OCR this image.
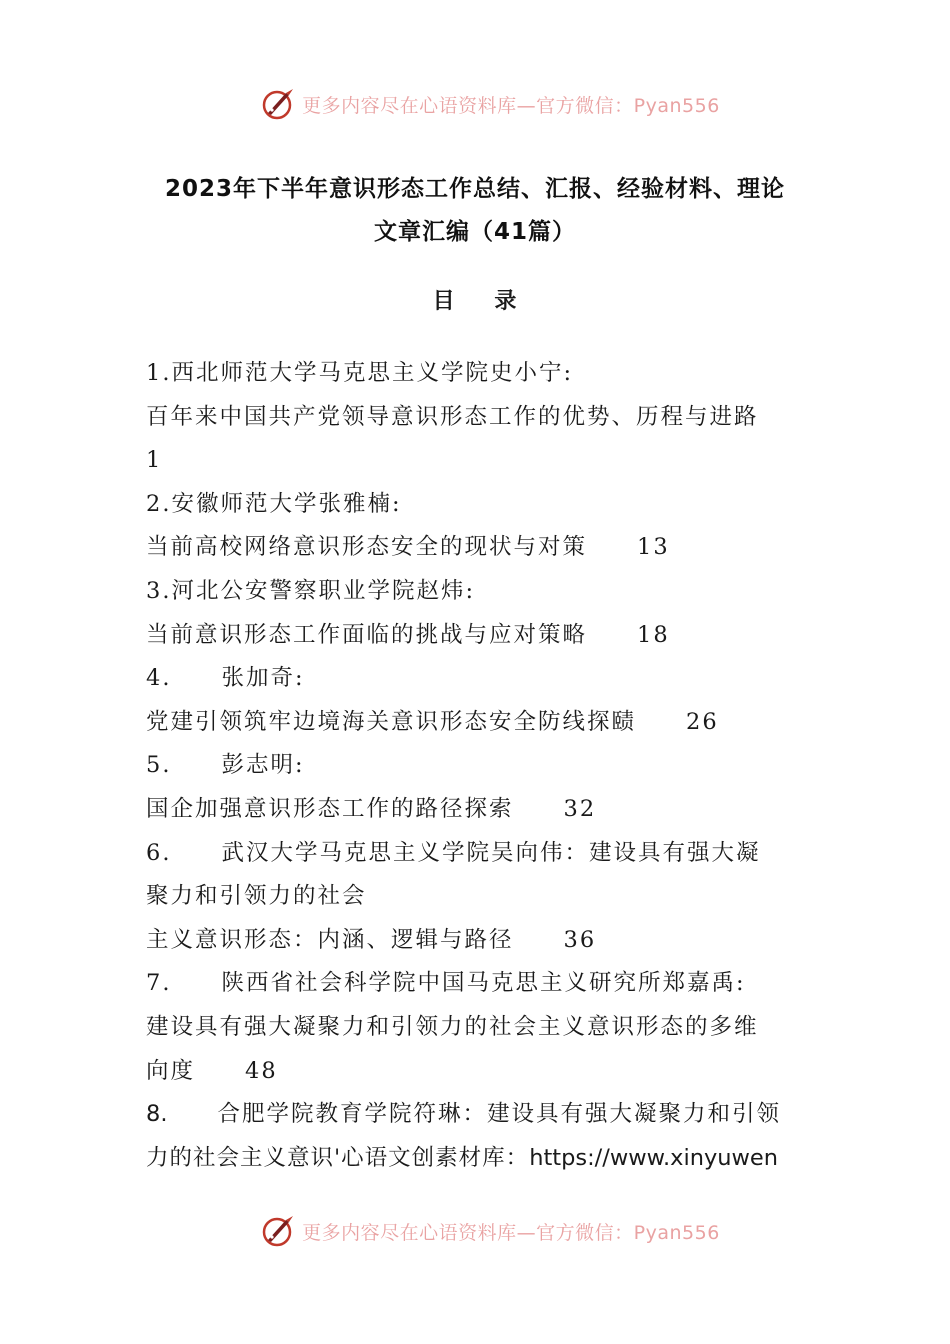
更多内容尽在心语资料库—官方微信：Pyan556
2023年下半年意识形态工作总结、汇报、经验材料、理论
文章汇编（41篇）
目 录
1.西北师范大学马克思主义学院史小宁:
百年来中国共产党领导意识形态工作的优势、历程与进路
1
2.安徽师范大学张雅楠:
当前高校网络意识形态安全的现状与对策 13
3.河北公安警察职业学院赵炜:
当前意识形态工作面临的挑战与应对策略 18
4. 张加奇:
党建引领筑牢边境海关意识形态安全防线探赜 26
5. 彭志明:
国企加强意识形态工作的路径探索 32
6. 武汉大学马克思主义学院吴向伟：建设具有强大凝
聚力和引领力的社会
主义意识形态：内涵、逻辑与路径 36
7. 陕西省社会科学院中国马克思主义研究所郑嘉禹:
建设具有强大凝聚力和引领力的社会主义意识形态的多维
向度 48
8. 合肥学院教育学院符琳：建设具有强大凝聚力和引领
力的社会主义意识'心语文创素材库：https://www.xinyuwen
更多内容尽在心语资料库—官方微信：Pyan556
